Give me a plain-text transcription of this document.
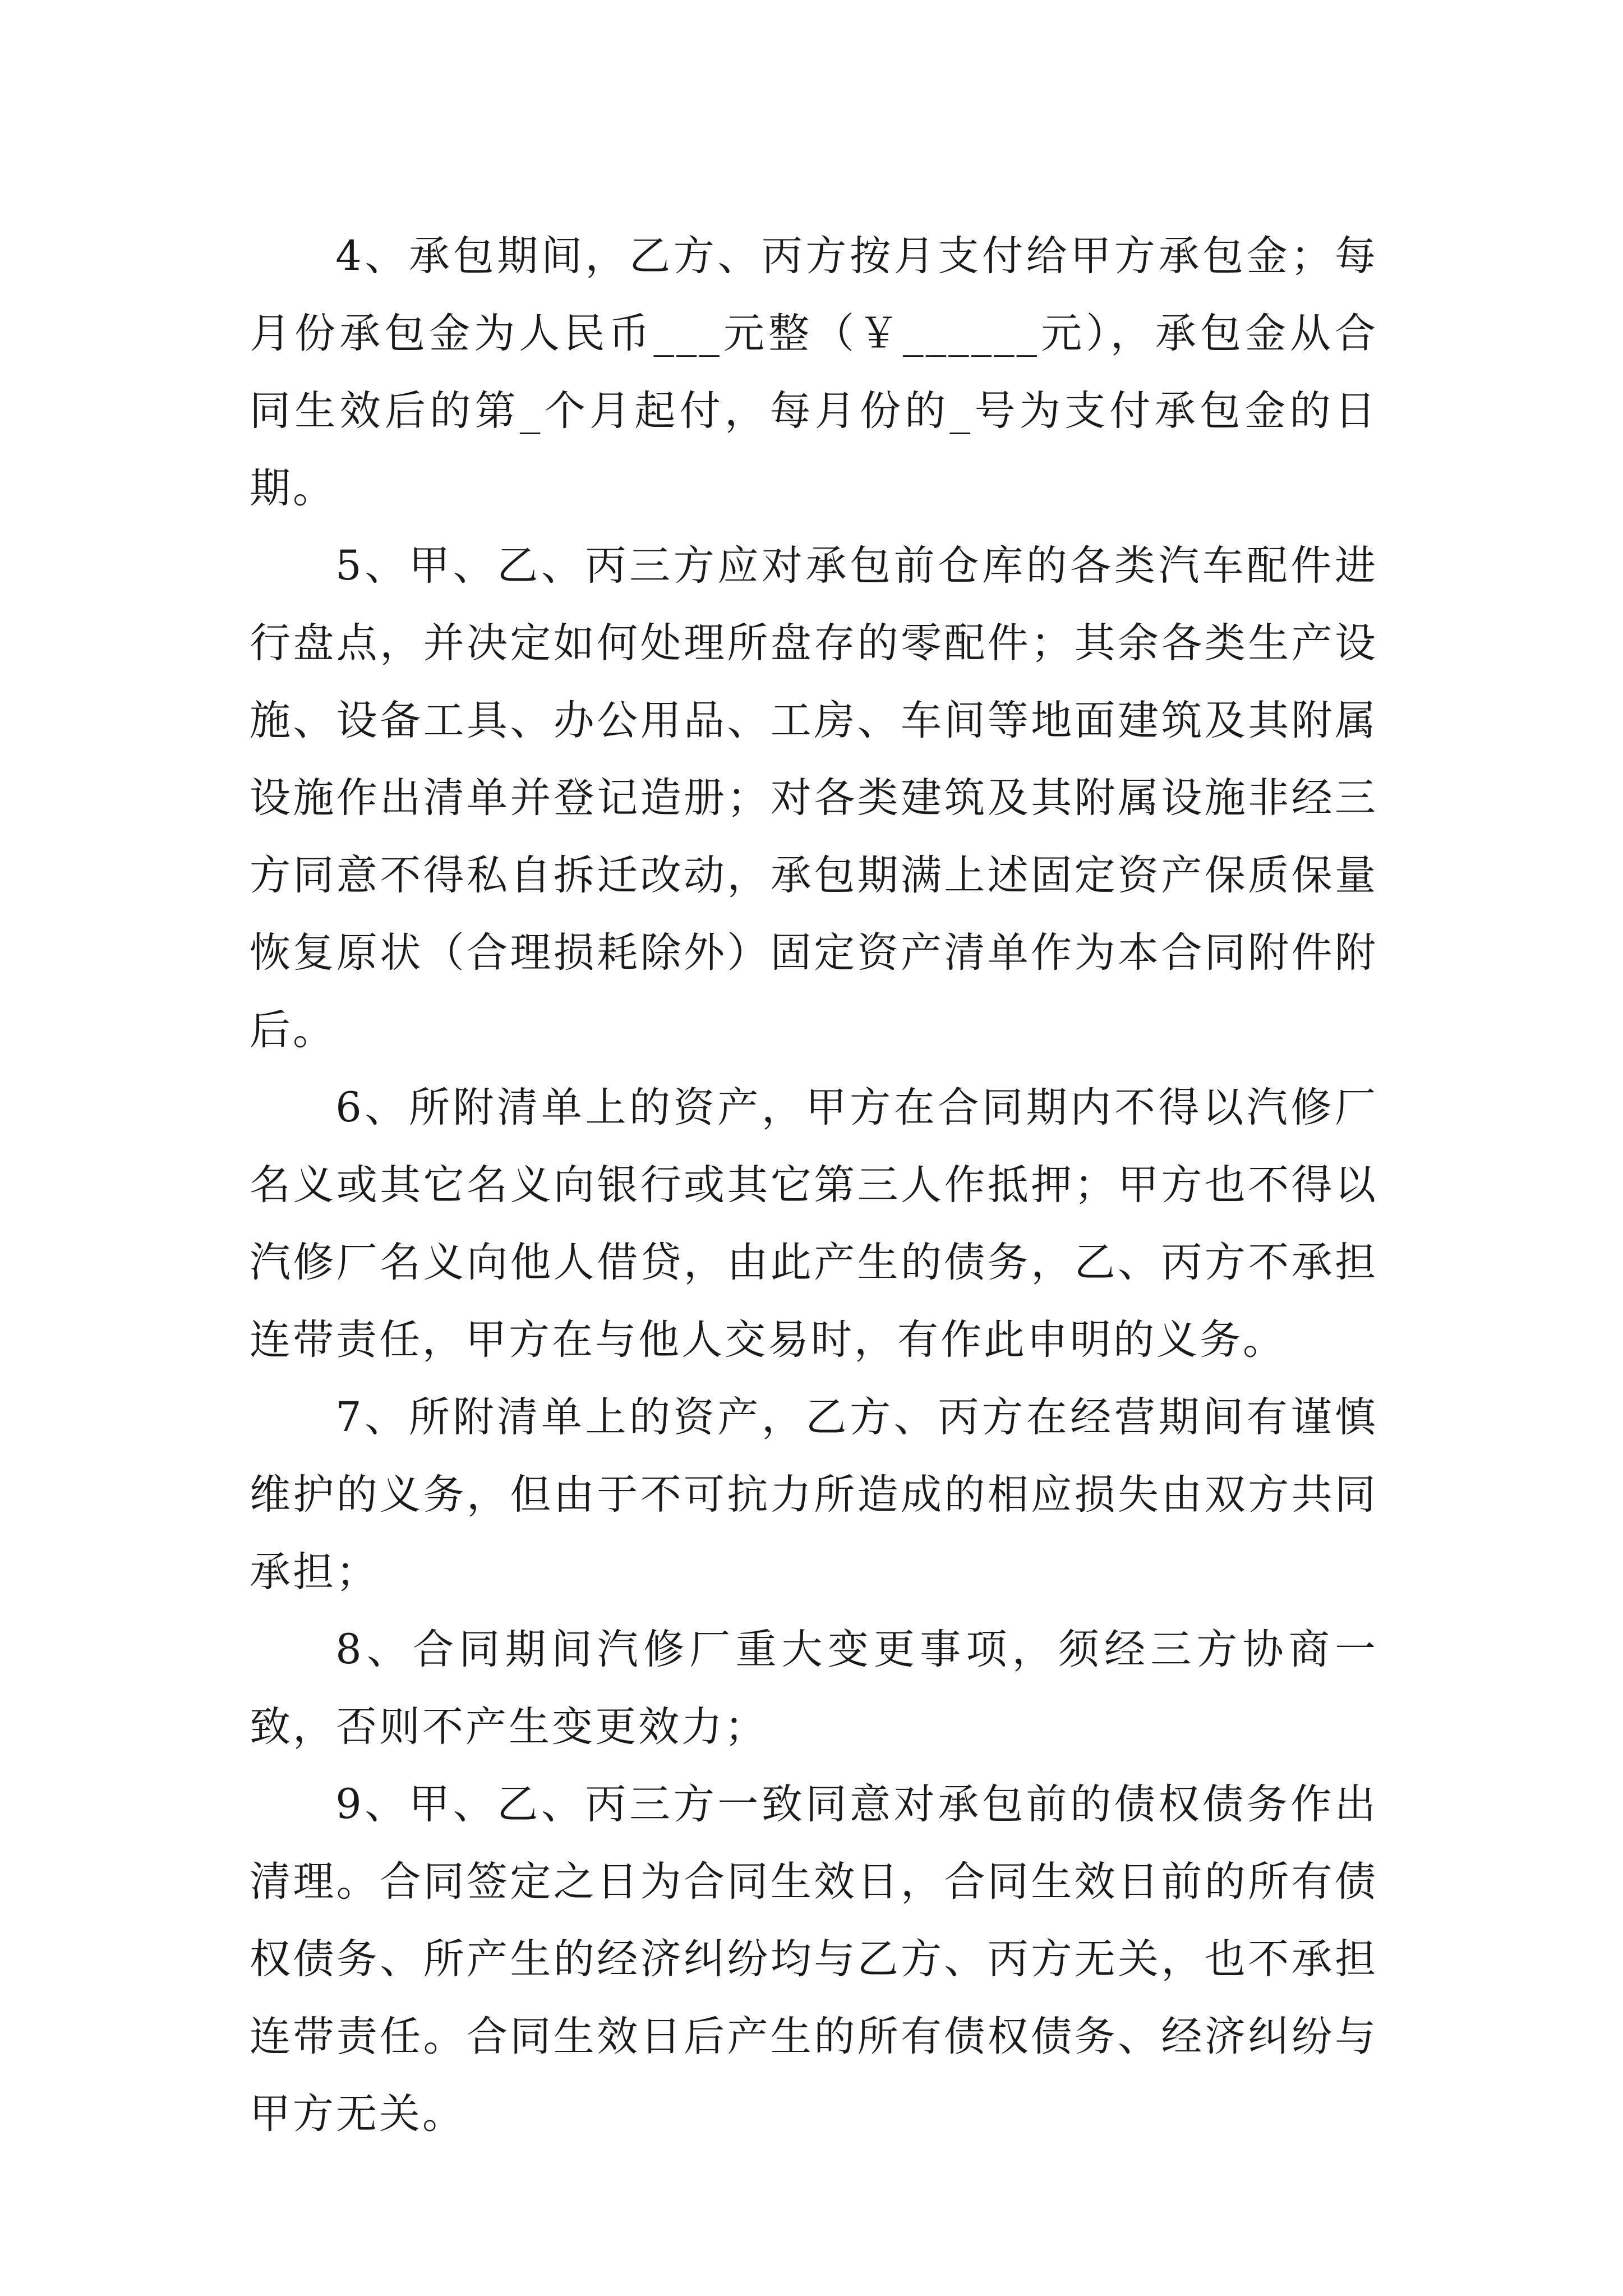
4、承包期间，乙方、丙方按月支付给甲方承包金；每月份承包金为人民币___元整（￥______元），承包金从合同生效后的第_个月起付，每月份的_号为支付承包金的日期。

5、甲、乙、丙三方应对承包前仓库的各类汽车配件进行盘点，并决定如何处理所盘存的零配件；其余各类生产设施、设备工具、办公用品、工房、车间等地面建筑及其附属设施作出清单并登记造册；对各类建筑及其附属设施非经三方同意不得私自拆迁改动，承包期满上述固定资产保质保量恢复原状（合理损耗除外）固定资产清单作为本合同附件附后。

6、所附清单上的资产，甲方在合同期内不得以汽修厂名义或其它名义向银行或其它第三人作抵押；甲方也不得以汽修厂名义向他人借贷，由此产生的债务，乙、丙方不承担连带责任，甲方在与他人交易时，有作此申明的义务。

7、所附清单上的资产，乙方、丙方在经营期间有谨慎维护的义务，但由于不可抗力所造成的相应损失由双方共同承担；

8、合同期间汽修厂重大变更事项，须经三方协商一致，否则不产生变更效力；

9、甲、乙、丙三方一致同意对承包前的债权债务作出清理。合同签定之日为合同生效日，合同生效日前的所有债权债务、所产生的经济纠纷均与乙方、丙方无关，也不承担连带责任。合同生效日后产生的所有债权债务、经济纠纷与甲方无关。
